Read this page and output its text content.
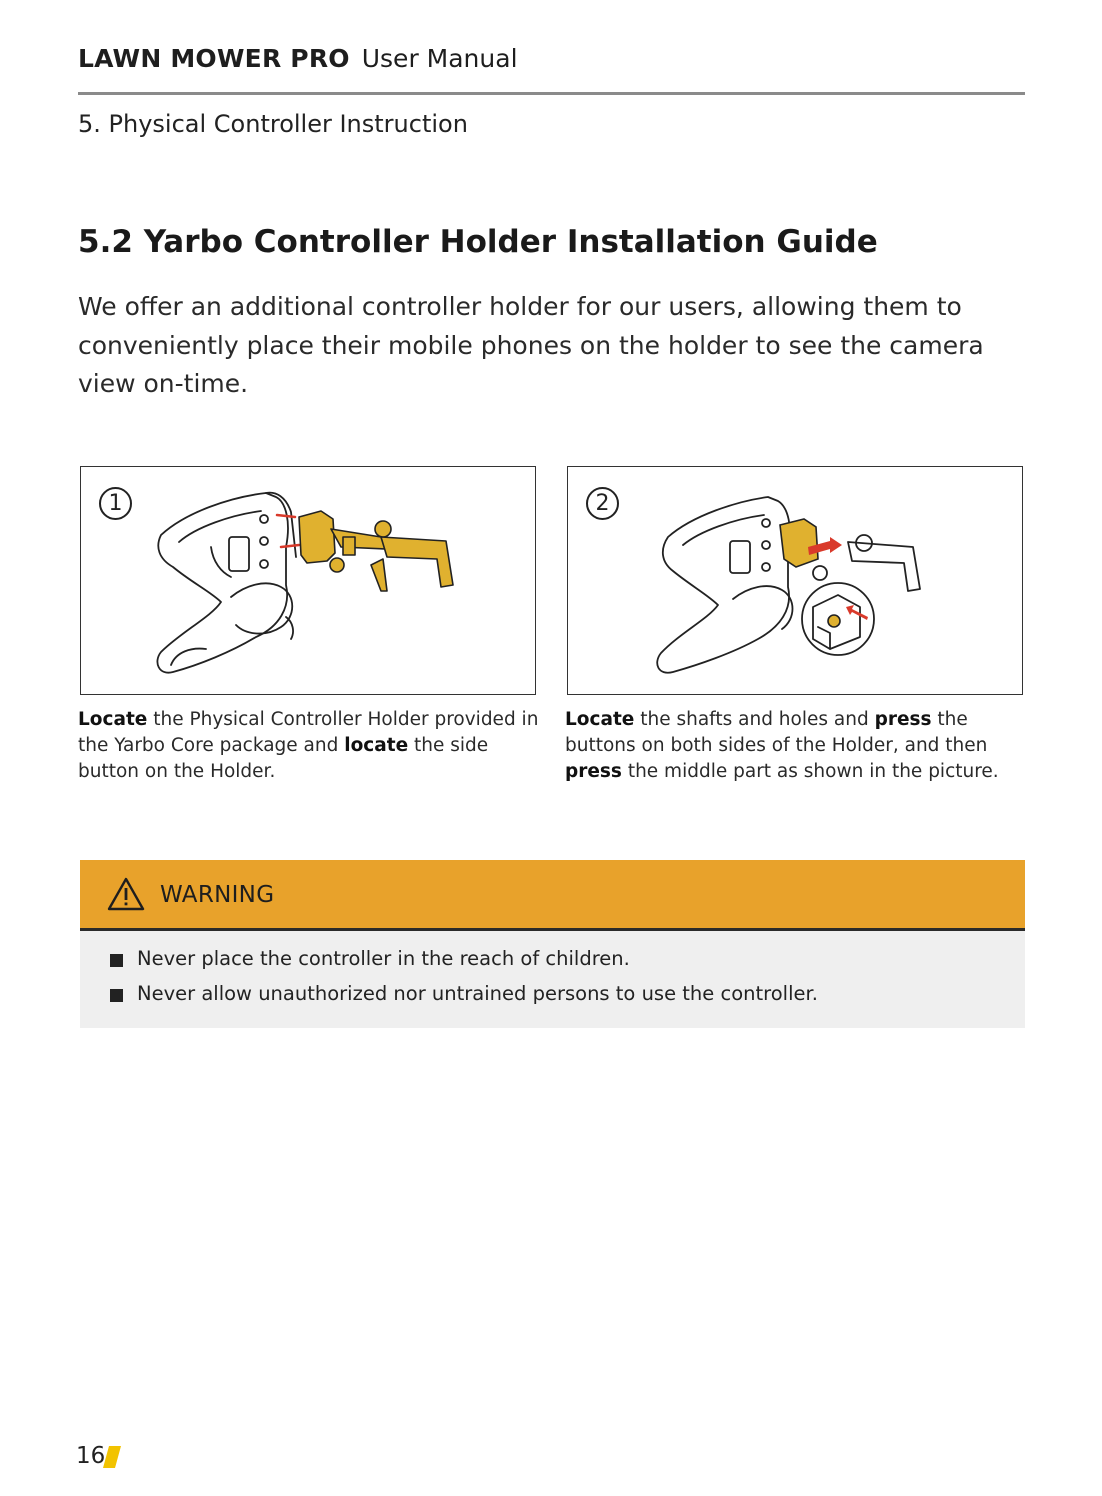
LAWN MOWER PRO User Manual
5. Physical Controller Instruction
5.2 Yarbo Controller Holder Installation Guide
We offer an additional controller holder for our users, allowing them to conveniently place their mobile phones on the holder to see the camera view on-time.
1	2
Locate the Physical Controller Holder provided in the Yarbo Core package and locate the side button on the Holder.
Locate the shafts and holes and press the buttons on both sides of the Holder, and then press the middle part as shown in the picture.
WARNING
Never place the controller in the reach of children.
Never allow unauthorized nor untrained persons to use the controller.
16
